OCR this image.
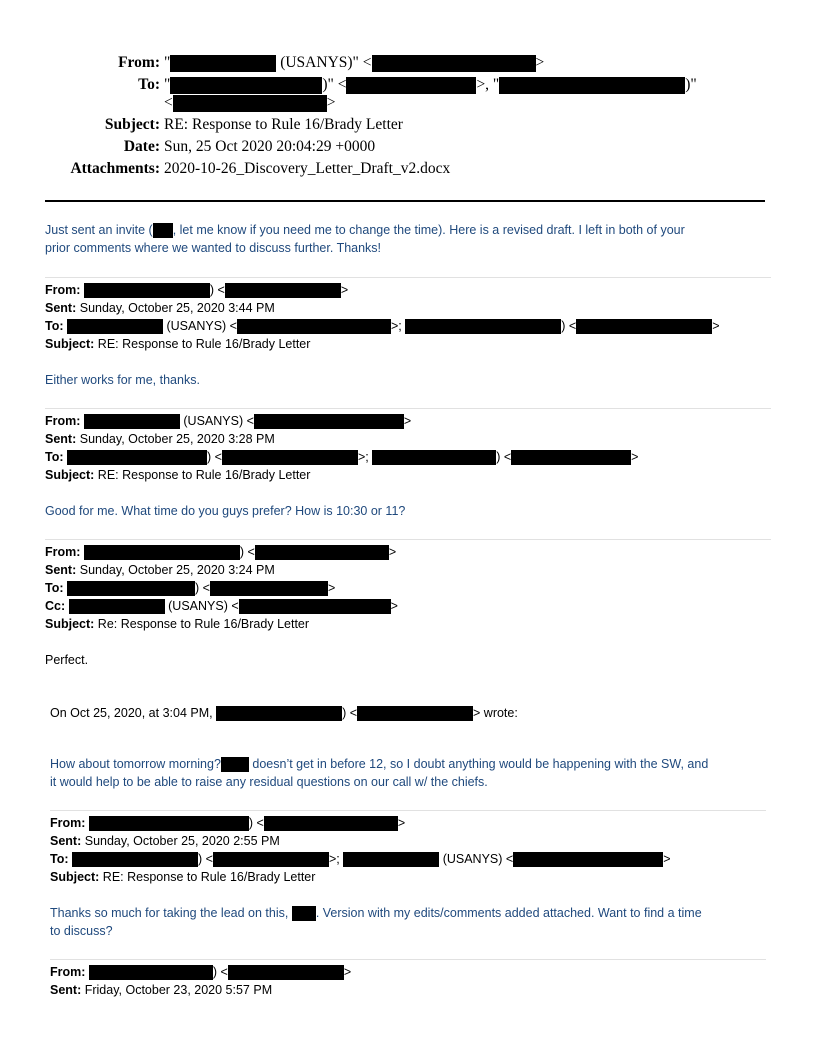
From: "	(USANYS)" <	>
To: "	)" <	>, "	)"
<	>
Subject: RE: Response to Rule 16/Brady Letter
Date: Sun, 25 Oct 2020 20:04:29 +0000
Attachments: 2020-10-26_Discovery_Letter_Draft_v2.docx
Just sent an invite ( , let me know if you need me to change the time). Here is a revised draft. I left in both of your
prior comments where we wanted to discuss further. Thanks!
From:	) <	>
Sent: Sunday, October 25, 2020 3:44 PM
To:	(USANYS) <	>;	) <	>
Subject: RE: Response to Rule 16/Brady Letter
Either works for me, thanks.
From:	(USANYS) <	>
Sent: Sunday, October 25, 2020 3:28 PM
To:	) <	>;	) <	>
Subject: RE: Response to Rule 16/Brady Letter
Good for me. What time do you guys prefer? How is 10:30 or 11?
From:	) <	>
Sent: Sunday, October 25, 2020 3:24 PM
To:	) <	>
Cc:	(USANYS) <	>
Subject: Re: Response to Rule 16/Brady Letter
Perfect.
On Oct 25, 2020, at 3:04 PM,	) <	> wrote:
How about tomorrow morning?	doesn’t get in before 12, so I doubt anything would be happening with the SW, and
it would help to be able to raise any residual questions on our call w/ the chiefs.
From:	) <	>
Sent: Sunday, October 25, 2020 2:55 PM
To:	) <	>;	(USANYS) <	>
Subject: RE: Response to Rule 16/Brady Letter
Thanks so much for taking the lead on this, . Version with my edits/comments added attached. Want to find a time
to discuss?
From:	) <	>
Sent: Friday, October 23, 2020 5:57 PM
